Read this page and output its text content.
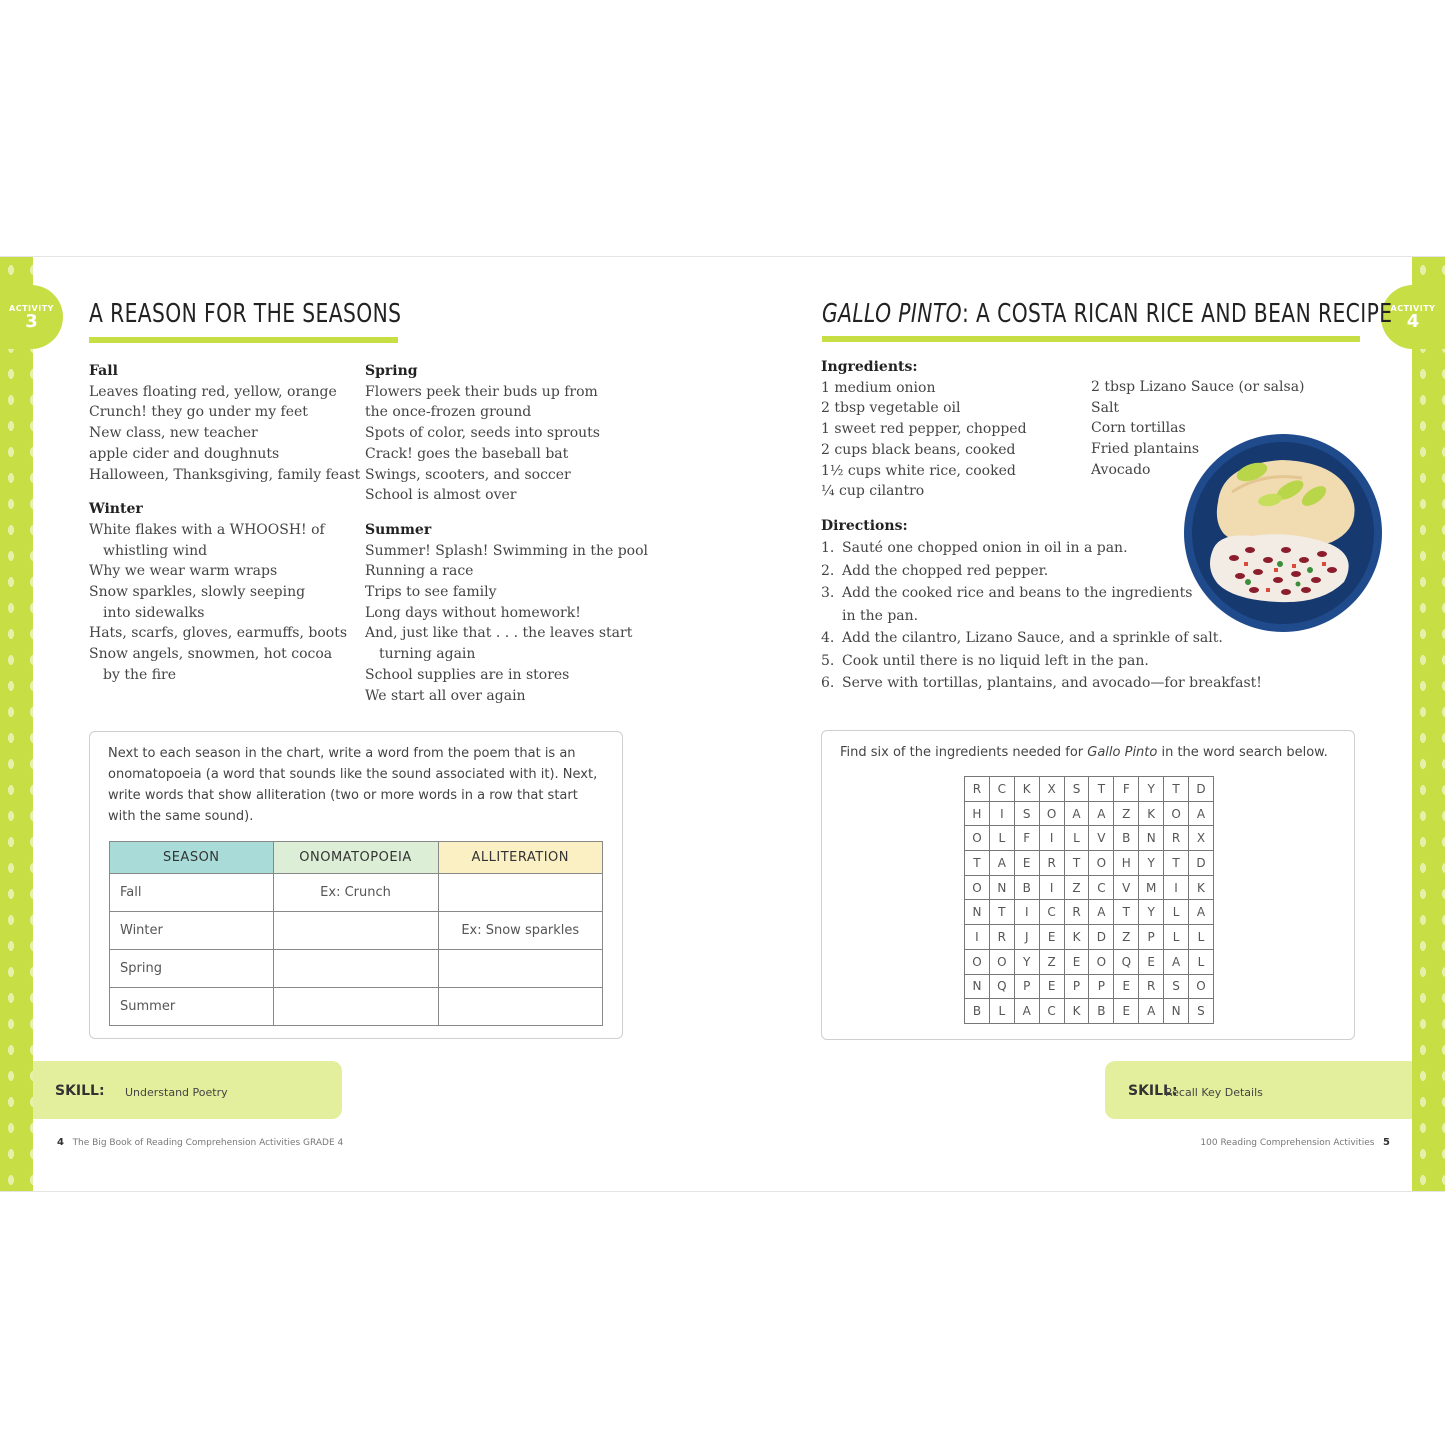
ACTIVITY
3
ACTIVITY
4
A REASON FOR THE SEASONS
Fall
Leaves floating red, yellow, orange
Crunch! they go under my feet
New class, new teacher
apple cider and doughnuts
Halloween, Thanksgiving, family feast
Winter
White flakes with a WHOOSH! of
whistling wind
Why we wear warm wraps
Snow sparkles, slowly seeping
into sidewalks
Hats, scarfs, gloves, earmuffs, boots
Snow angels, snowmen, hot cocoa
by the fire
Spring
Flowers peek their buds up from
the once-frozen ground
Spots of color, seeds into sprouts
Crack! goes the baseball bat
Swings, scooters, and soccer
School is almost over
Summer
Summer! Splash! Swimming in the pool
Running a race
Trips to see family
Long days without homework!
And, just like that . . . the leaves start
turning again
School supplies are in stores
We start all over again
Next to each season in the chart, write a word from the poem that is an onomatopoeia (a word that sounds like the sound associated with it). Next, write words that show alliteration (two or more words in a row that start with the same sound).
SEASON	ONOMATOPOEIA	ALLITERATION
Fall	Ex: Crunch	
Winter		Ex: Snow sparkles
Spring		
Summer		
SKILL: Understand Poetry
4 The Big Book of Reading Comprehension Activities GRADE 4
GALLO PINTO: A COSTA RICAN RICE AND BEAN RECIPE
Ingredients:
1 medium onion
2 tbsp vegetable oil
1 sweet red pepper, chopped
2 cups black beans, cooked
1½ cups white rice, cooked
¼ cup cilantro
2 tbsp Lizano Sauce (or salsa)
Salt
Corn tortillas
Fried plantains
Avocado
Directions:
1. Sauté one chopped onion in oil in a pan.
2. Add the chopped red pepper.
3. Add the cooked rice and beans to the ingredients
in the pan.
4. Add the cilantro, Lizano Sauce, and a sprinkle of salt.
5. Cook until there is no liquid left in the pan.
6. Serve with tortillas, plantains, and avocado—for breakfast!
Find six of the ingredients needed for Gallo Pinto in the word search below.
R	C	K	X	S	T	F	Y	T	D
H	I	S	O	A	A	Z	K	O	A
O	L	F	I	L	V	B	N	R	X
T	A	E	R	T	O	H	Y	T	D
O	N	B	I	Z	C	V	M	I	K
N	T	I	C	R	A	T	Y	L	A
I	R	J	E	K	D	Z	P	L	L
O	O	Y	Z	E	O	Q	E	A	L
N	Q	P	E	P	P	E	R	S	O
B	L	A	C	K	B	E	A	N	S
SKILL:
Recall Key Details
100 Reading Comprehension Activities 5
